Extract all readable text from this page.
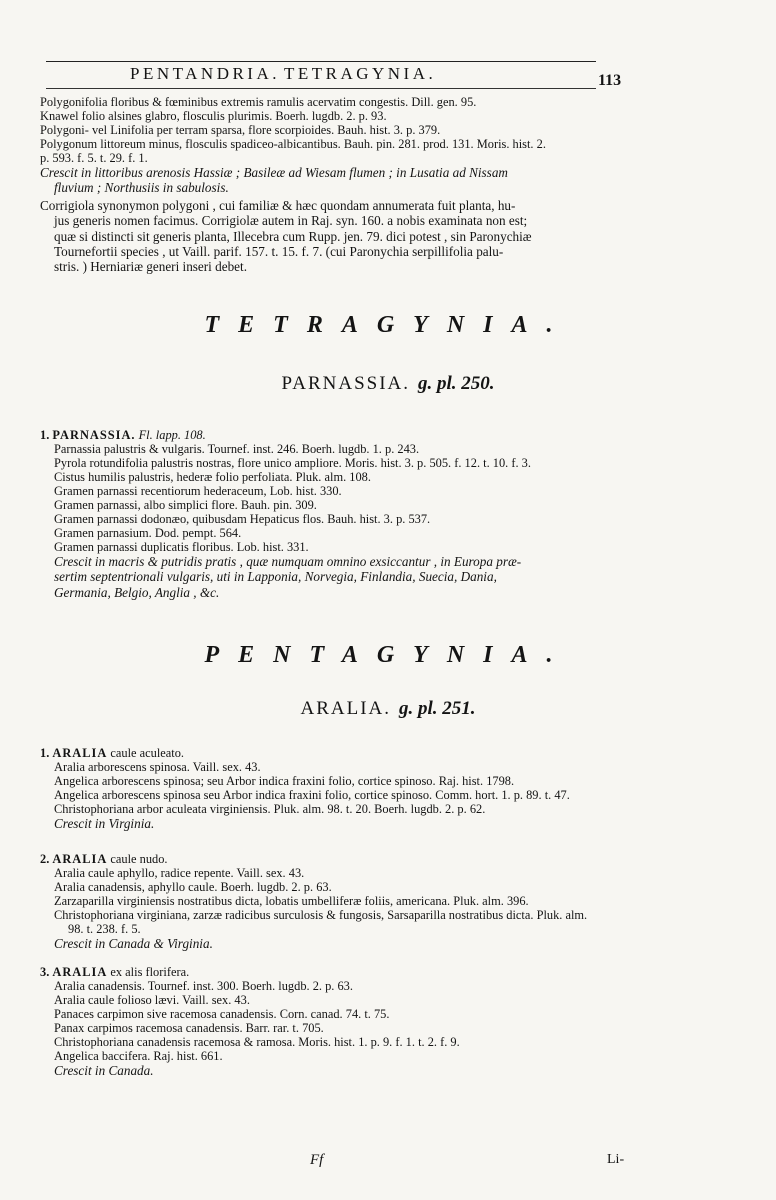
PENTANDRIA. TETRAGYNIA.	113
Polygonifolia floribus & fœminibus extremis ramulis acervatim congestis. Dill. gen. 95.
Knawel folio alsines glabro, flosculis plurimis. Boerh. lugdb. 2. p. 93.
Polygoni- vel Linifolia per terram sparsa, flore scorpioides. Bauh. hist. 3. p. 379.
Polygonum littoreum minus, flosculis spadiceo-albicantibus. Bauh. pin. 281. prod. 131. Moris. hist. 2.
p. 593. f. 5. t. 29. f. 1.
Crescit in littoribus arenosis Hassiæ ; Basileæ ad Wiesam flumen ; in Lusatia ad Nissam
fluvium ; Northusiis in sabulosis.
Corrigiola synonymon polygoni , cui familiæ & hæc quondam annumerata fuit planta, hu-
jus generis nomen facimus. Corrigiolæ autem in Raj. syn. 160. a nobis examinata non est;
quæ si distincti sit generis planta, Illecebra cum Rupp. jen. 79. dici potest , sin Paronychiæ
Tournefortii species , ut Vaill. parif. 157. t. 15. f. 7. (cui Paronychia serpillifolia palu-
stris. ) Herniariæ generi inseri debet.
TETRAGYNIA.
PARNASSIA. g. pl. 250.
1. PARNASSIA. Fl. lapp. 108.
Parnassia palustris & vulgaris. Tournef. inst. 246. Boerh. lugdb. 1. p. 243.
Pyrola rotundifolia palustris nostras, flore unico ampliore. Moris. hist. 3. p. 505. f. 12. t. 10. f. 3.
Cistus humilis palustris, hederæ folio perfoliata. Pluk. alm. 108.
Gramen parnassi recentiorum hederaceum, Lob. hist. 330.
Gramen parnassi, albo simplici flore. Bauh. pin. 309.
Gramen parnassi dodonæo, quibusdam Hepaticus flos. Bauh. hist. 3. p. 537.
Gramen parnasium. Dod. pempt. 564.
Gramen parnassi duplicatis floribus. Lob. hist. 331.
Crescit in macris & putridis pratis , quæ numquam omnino exsiccantur , in Europa præ-
sertim septentrionali vulgaris, uti in Lapponia, Norvegia, Finlandia, Suecia, Dania,
Germania, Belgio, Anglia , &c.
PENTAGYNIA.
ARALIA. g. pl. 251.
1. ARALIA caule aculeato.
Aralia arborescens spinosa. Vaill. sex. 43.
Angelica arborescens spinosa; seu Arbor indica fraxini folio, cortice spinoso. Raj. hist. 1798.
Angelica arborescens spinosa seu Arbor indica fraxini folio, cortice spinoso. Comm. hort. 1. p. 89. t. 47.
Christophoriana arbor aculeata virginiensis. Pluk. alm. 98. t. 20. Boerh. lugdb. 2. p. 62.
Crescit in Virginia.
2. ARALIA caule nudo.
Aralia caule aphyllo, radice repente. Vaill. sex. 43.
Aralia canadensis, aphyllo caule. Boerh. lugdb. 2. p. 63.
Zarzaparilla virginiensis nostratibus dicta, lobatis umbelliferæ foliis, americana. Pluk. alm. 396.
Christophoriana virginiana, zarzæ radicibus surculosis & fungosis, Sarsaparilla nostratibus dicta. Pluk. alm.
98. t. 238. f. 5.
Crescit in Canada & Virginia.
3. ARALIA ex alis florifera.
Aralia canadensis. Tournef. inst. 300. Boerh. lugdb. 2. p. 63.
Aralia caule folioso lævi. Vaill. sex. 43.
Panaces carpimon sive racemosa canadensis. Corn. canad. 74. t. 75.
Panax carpimos racemosa canadensis. Barr. rar. t. 705.
Christophoriana canadensis racemosa & ramosa. Moris. hist. 1. p. 9. f. 1. t. 2. f. 9.
Angelica baccifera. Raj. hist. 661.
Crescit in Canada.
Ff	Li-
